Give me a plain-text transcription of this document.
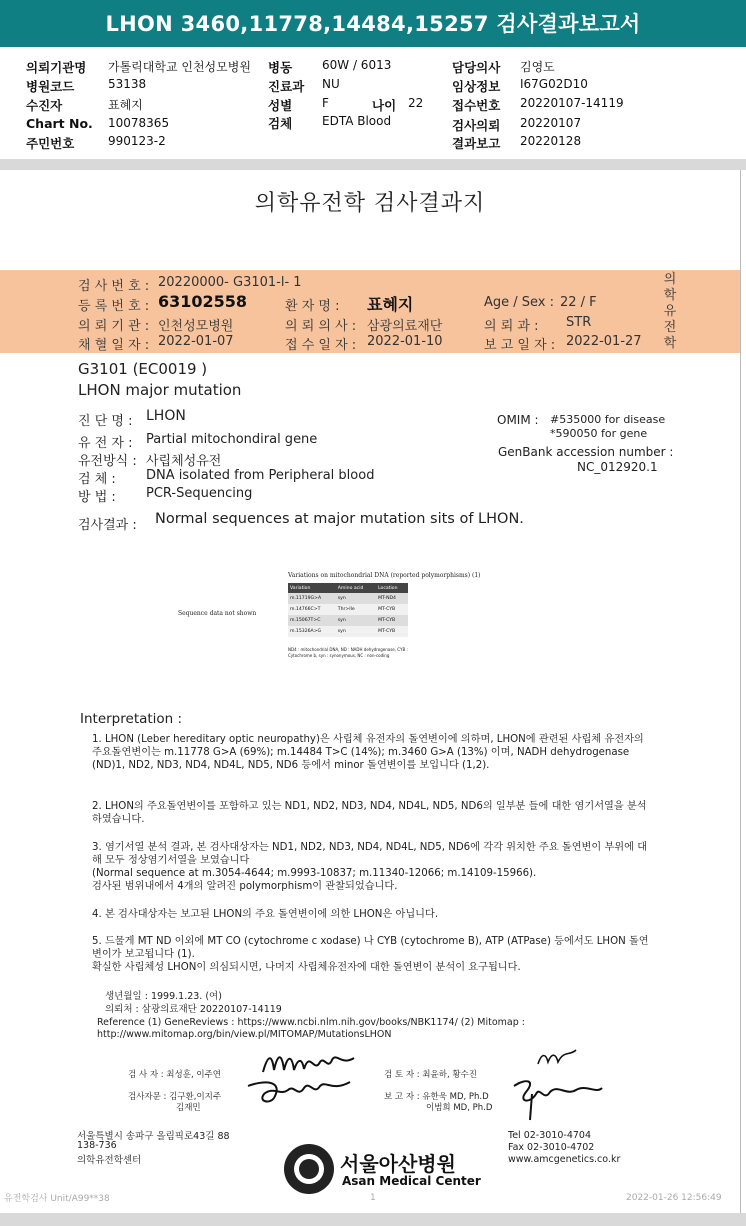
LHON 3460,11778,14484,15257 검사결과보고서
의뢰기관명 가톨릭대학교 인천성모병원
병원코드	53138
수진자	표혜지
Chart No. 10078365
주민번호	990123-2
병동 60W / 6013
진료과 NU
성별 F	나이 22
검체 EDTA Blood
담당의사 김영도
임상정보 I67G02D10
접수번호 20220107-14119
검사의뢰 20220107
결과보고 20220128
의학유전학 검사결과지
검 사 번 호 : 20220000- G3101-l- 1
등 록 번 호 : 63102558	환 자 명 : 표혜지	Age / Sex : 22 / F
의 뢰 기 관 : 인천성모병원	의 뢰 의 사 : 삼광의료재단	의 뢰 과 : STR
채 혈 일 자 : 2022-01-07	접 수 일 자 : 2022-01-10	보 고 일 자 : 2022-01-27
의
학
유
전
학
G3101 (EC0019 )
LHON major mutation
진 단 명 : LHON
유 전 자 : Partial mitochondiral gene
유전방식 : 사립체성유전
검 체 : DNA isolated from Peripheral blood
방 법 : PCR-Sequencing
OMIM : #535000 for disease
*590050 for gene
GenBank accession number :
NC_012920.1
검사결과 : Normal sequences at major mutation sits of LHON.
Variations on mitochondrial DNA (reported polymorphisms) (1)
Sequence data not shown
Variation	Amino acid	Location
m.11719G>A	syn	MT-ND4
m.14766C>T	Thr>Ile	MT-CYB
m.15067T>C	syn	MT-CYB
m.15326A>G	syn	MT-CYB
ND4 : mitochondrial DNA, ND : NADH dehydrogenase, CYB :
Cytochrome b, syn : synonymous, NC : non-coding
Interpretation :
1. LHON (Leber hereditary optic neuropathy)은 사립체 유전자의 돌연변이에 의하며, LHON에 관련된 사립체 유전자의 주요돌연변이는 m.11778 G>A (69%); m.14484 T>C (14%); m.3460 G>A (13%) 이며, NADH dehydrogenase (ND)1, ND2, ND3, ND4, ND4L, ND5, ND6 등에서 minor 돌연변이를 보입니다 (1,2).
2. LHON의 주요돌연변이를 포함하고 있는 ND1, ND2, ND3, ND4, ND4L, ND5, ND6의 일부분 들에 대한 염기서열을 분석하였습니다.
3. 염기서열 분석 결과, 본 검사대상자는 ND1, ND2, ND3, ND4, ND4L, ND5, ND6에 각각 위치한 주요 돌연변이 부위에 대해 모두 정상염기서열을 보였습니다
(Normal sequence at m.3054-4644; m.9993-10837; m.11340-12066; m.14109-15966).
검사된 범위내에서 4개의 알려진 polymorphism이 관찰되었습니다.
4. 본 검사대상자는 보고된 LHON의 주요 돌연변이에 의한 LHON은 아닙니다.
5. 드물게 MT ND 이외에 MT CO (cytochrome c xodase) 나 CYB (cytochrome B), ATP (ATPase) 등에서도 LHON 돌연변이가 보고됩니다 (1).
확실한 사립체성 LHON이 의심되시면, 나머지 사립체유전자에 대한 돌연변이 분석이 요구됩니다.
생년월일 : 1999.1.23. (여)
의뢰처 : 삼광의료재단 20220107-14119
Reference (1) GeneReviews : https://www.ncbi.nlm.nih.gov/books/NBK1174/ (2) Mitomap :
http://www.mitomap.org/bin/view.pl/MITOMAP/MutationsLHON
검 사 자 : 최성훈, 이주연
검사자문 : 김구환,이지주
김재민
검 토 자 : 최윤하, 황수진
보 고 자 : 유한욱 MD, Ph.D
이범희 MD, Ph.D
서울특별시 송파구 올림픽로43길 88
138-736
의학유전학센터
Tel 02-3010-4704
Fax 02-3010-4702
www.amcgenetics.co.kr
서울아산병원
Asan Medical Center
유전학검사 Unit/A99**38	1	2022-01-26 12:56:49
